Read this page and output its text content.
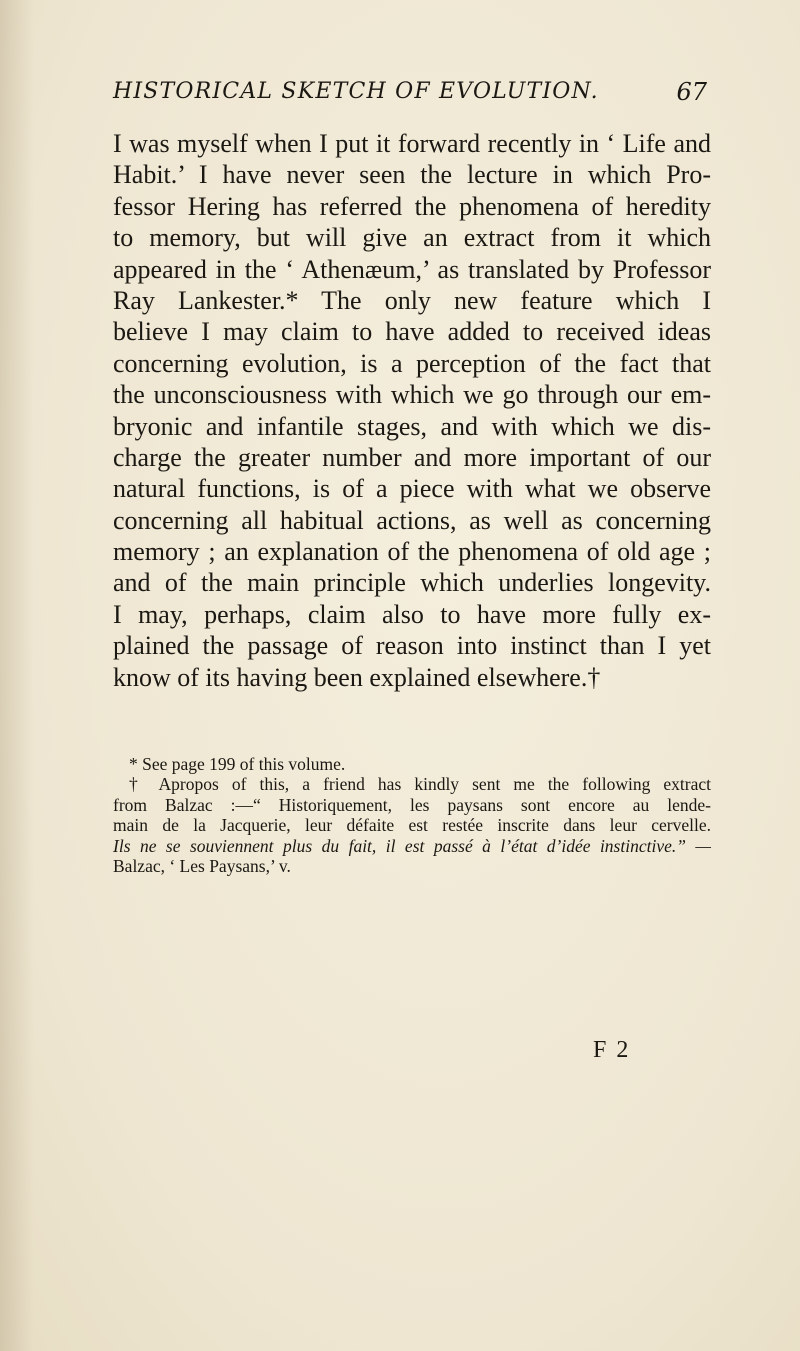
HISTORICAL SKETCH OF EVOLUTION.	67
I was myself when I put it forward recently in ‘ Life and
Habit.’ I have never seen the lecture in which Pro-
fessor Hering has referred the phenomena of heredity
to memory, but will give an extract from it which
appeared in the ‘ Athenæum,’ as translated by Professor
Ray Lankester.* The only new feature which I
believe I may claim to have added to received ideas
concerning evolution, is a perception of the fact that
the unconsciousness with which we go through our em-
bryonic and infantile stages, and with which we dis-
charge the greater number and more important of our
natural functions, is of a piece with what we observe
concerning all habitual actions, as well as concerning
memory ; an explanation of the phenomena of old age ;
and of the main principle which underlies longevity.
I may, perhaps, claim also to have more fully ex-
plained the passage of reason into instinct than I yet
know of its having been explained elsewhere.†
* See page 199 of this volume.
† Apropos of this, a friend has kindly sent me the following extract
from Balzac :—“ Historiquement, les paysans sont encore au lende-
main de la Jacquerie, leur défaite est restée inscrite dans leur cervelle.
Ils ne se souviennent plus du fait, il est passé à l’état d’idée instinctive.” —
Balzac, ‘ Les Paysans,’ v.
F 2
